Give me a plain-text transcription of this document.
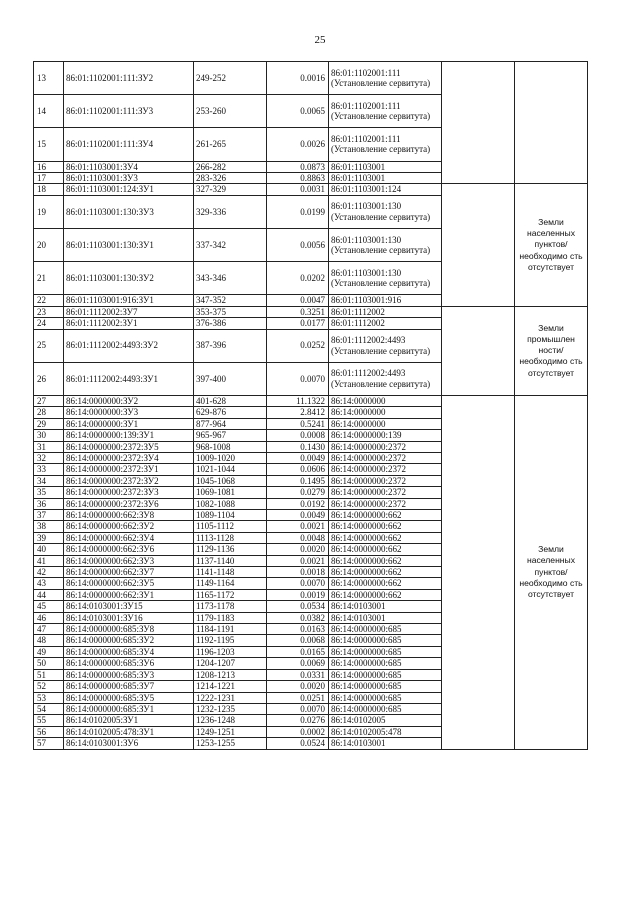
25
13	86:01:1102001:111:ЗУ2	249-252	0.0016	86:01:1102001:111 (Установление сервитута)		
14	86:01:1102001:111:ЗУ3	253-260	0.0065	86:01:1102001:111 (Установление сервитута)		
15	86:01:1102001:111:ЗУ4	261-265	0.0026	86:01:1102001:111 (Установление сервитута)		
16	86:01:1103001:ЗУ4	266-282	0.0873	86:01:1103001		
17	86:01:1103001:ЗУ3	283-326	0.8863	86:01:1103001		
18	86:01:1103001:124:ЗУ1	327-329	0.0031	86:01:1103001:124		Земли населенных пунктов/ необходимо сть отсутствует
19	86:01:1103001:130:ЗУ3	329-336	0.0199	86:01:1103001:130 (Установление сервитута)		
20	86:01:1103001:130:ЗУ1	337-342	0.0056	86:01:1103001:130 (Установление сервитута)		
21	86:01:1103001:130:ЗУ2	343-346	0.0202	86:01:1103001:130 (Установление сервитута)		
22	86:01:1103001:916:ЗУ1	347-352	0.0047	86:01:1103001:916		
23	86:01:1112002:ЗУ7	353-375	0.3251	86:01:1112002		Земли промышлен ности/ необходимо сть отсутствует
24	86:01:1112002:ЗУ1	376-386	0.0177	86:01:1112002		
25	86:01:1112002:4493:ЗУ2	387-396	0.0252	86:01:1112002:4493 (Установление сервитута)		
26	86:01:1112002:4493:ЗУ1	397-400	0.0070	86:01:1112002:4493 (Установление сервитута)		
27	86:14:0000000:ЗУ2	401-628	11.1322	86:14:0000000		Земли населенных пунктов/ необходимо сть отсутствует
28	86:14:0000000:ЗУ3	629-876	2.8412	86:14:0000000		
29	86:14:0000000:ЗУ1	877-964	0.5241	86:14:0000000		
30	86:14:0000000:139:ЗУ1	965-967	0.0008	86:14:0000000:139		
31	86:14:0000000:2372:ЗУ5	968-1008	0.1430	86:14:0000000:2372		
32	86:14:0000000:2372:ЗУ4	1009-1020	0.0049	86:14:0000000:2372		
33	86:14:0000000:2372:ЗУ1	1021-1044	0.0606	86:14:0000000:2372		
34	86:14:0000000:2372:ЗУ2	1045-1068	0.1495	86:14:0000000:2372		
35	86:14:0000000:2372:ЗУ3	1069-1081	0.0279	86:14:0000000:2372		
36	86:14:0000000:2372:ЗУ6	1082-1088	0.0192	86:14:0000000:2372		
37	86:14:0000000:662:ЗУ8	1089-1104	0.0049	86:14:0000000:662		
38	86:14:0000000:662:ЗУ2	1105-1112	0.0021	86:14:0000000:662		
39	86:14:0000000:662:ЗУ4	1113-1128	0.0048	86:14:0000000:662		
40	86:14:0000000:662:ЗУ6	1129-1136	0.0020	86:14:0000000:662		
41	86:14:0000000:662:ЗУ3	1137-1140	0.0021	86:14:0000000:662		
42	86:14:0000000:662:ЗУ7	1141-1148	0.0018	86:14:0000000:662		
43	86:14:0000000:662:ЗУ5	1149-1164	0.0070	86:14:0000000:662		
44	86:14:0000000:662:ЗУ1	1165-1172	0.0019	86:14:0000000:662		
45	86:14:0103001:ЗУ15	1173-1178	0.0534	86:14:0103001		
46	86:14:0103001:ЗУ16	1179-1183	0.0382	86:14:0103001		
47	86:14:0000000:685:ЗУ8	1184-1191	0.0163	86:14:0000000:685		
48	86:14:0000000:685:ЗУ2	1192-1195	0.0068	86:14:0000000:685		
49	86:14:0000000:685:ЗУ4	1196-1203	0.0165	86:14:0000000:685		
50	86:14:0000000:685:ЗУ6	1204-1207	0.0069	86:14:0000000:685		
51	86:14:0000000:685:ЗУ3	1208-1213	0.0331	86:14:0000000:685		
52	86:14:0000000:685:ЗУ7	1214-1221	0.0020	86:14:0000000:685		
53	86:14:0000000:685:ЗУ5	1222-1231	0.0251	86:14:0000000:685		
54	86:14:0000000:685:ЗУ1	1232-1235	0.0070	86:14:0000000:685		
55	86:14:0102005:ЗУ1	1236-1248	0.0276	86:14:0102005		
56	86:14:0102005:478:ЗУ1	1249-1251	0.0002	86:14:0102005:478		
57	86:14:0103001:ЗУ6	1253-1255	0.0524	86:14:0103001		
